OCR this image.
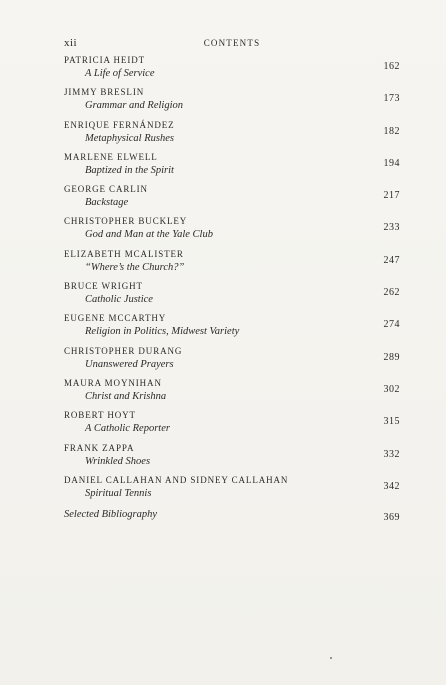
xii	CONTENTS
PATRICIA HEIDT
A Life of Service
162
JIMMY BRESLIN
Grammar and Religion
173
ENRIQUE FERNÁNDEZ
Metaphysical Rushes
182
MARLENE ELWELL
Baptized in the Spirit
194
GEORGE CARLIN
Backstage
217
CHRISTOPHER BUCKLEY
God and Man at the Yale Club
233
ELIZABETH MCALISTER
“Where’s the Church?”
247
BRUCE WRIGHT
Catholic Justice
262
EUGENE MCCARTHY
Religion in Politics, Midwest Variety
274
CHRISTOPHER DURANG
Unanswered Prayers
289
MAURA MOYNIHAN
Christ and Krishna
302
ROBERT HOYT
A Catholic Reporter
315
FRANK ZAPPA
Wrinkled Shoes
332
DANIEL CALLAHAN AND SIDNEY CALLAHAN
Spiritual Tennis
342
Selected Bibliography	369
